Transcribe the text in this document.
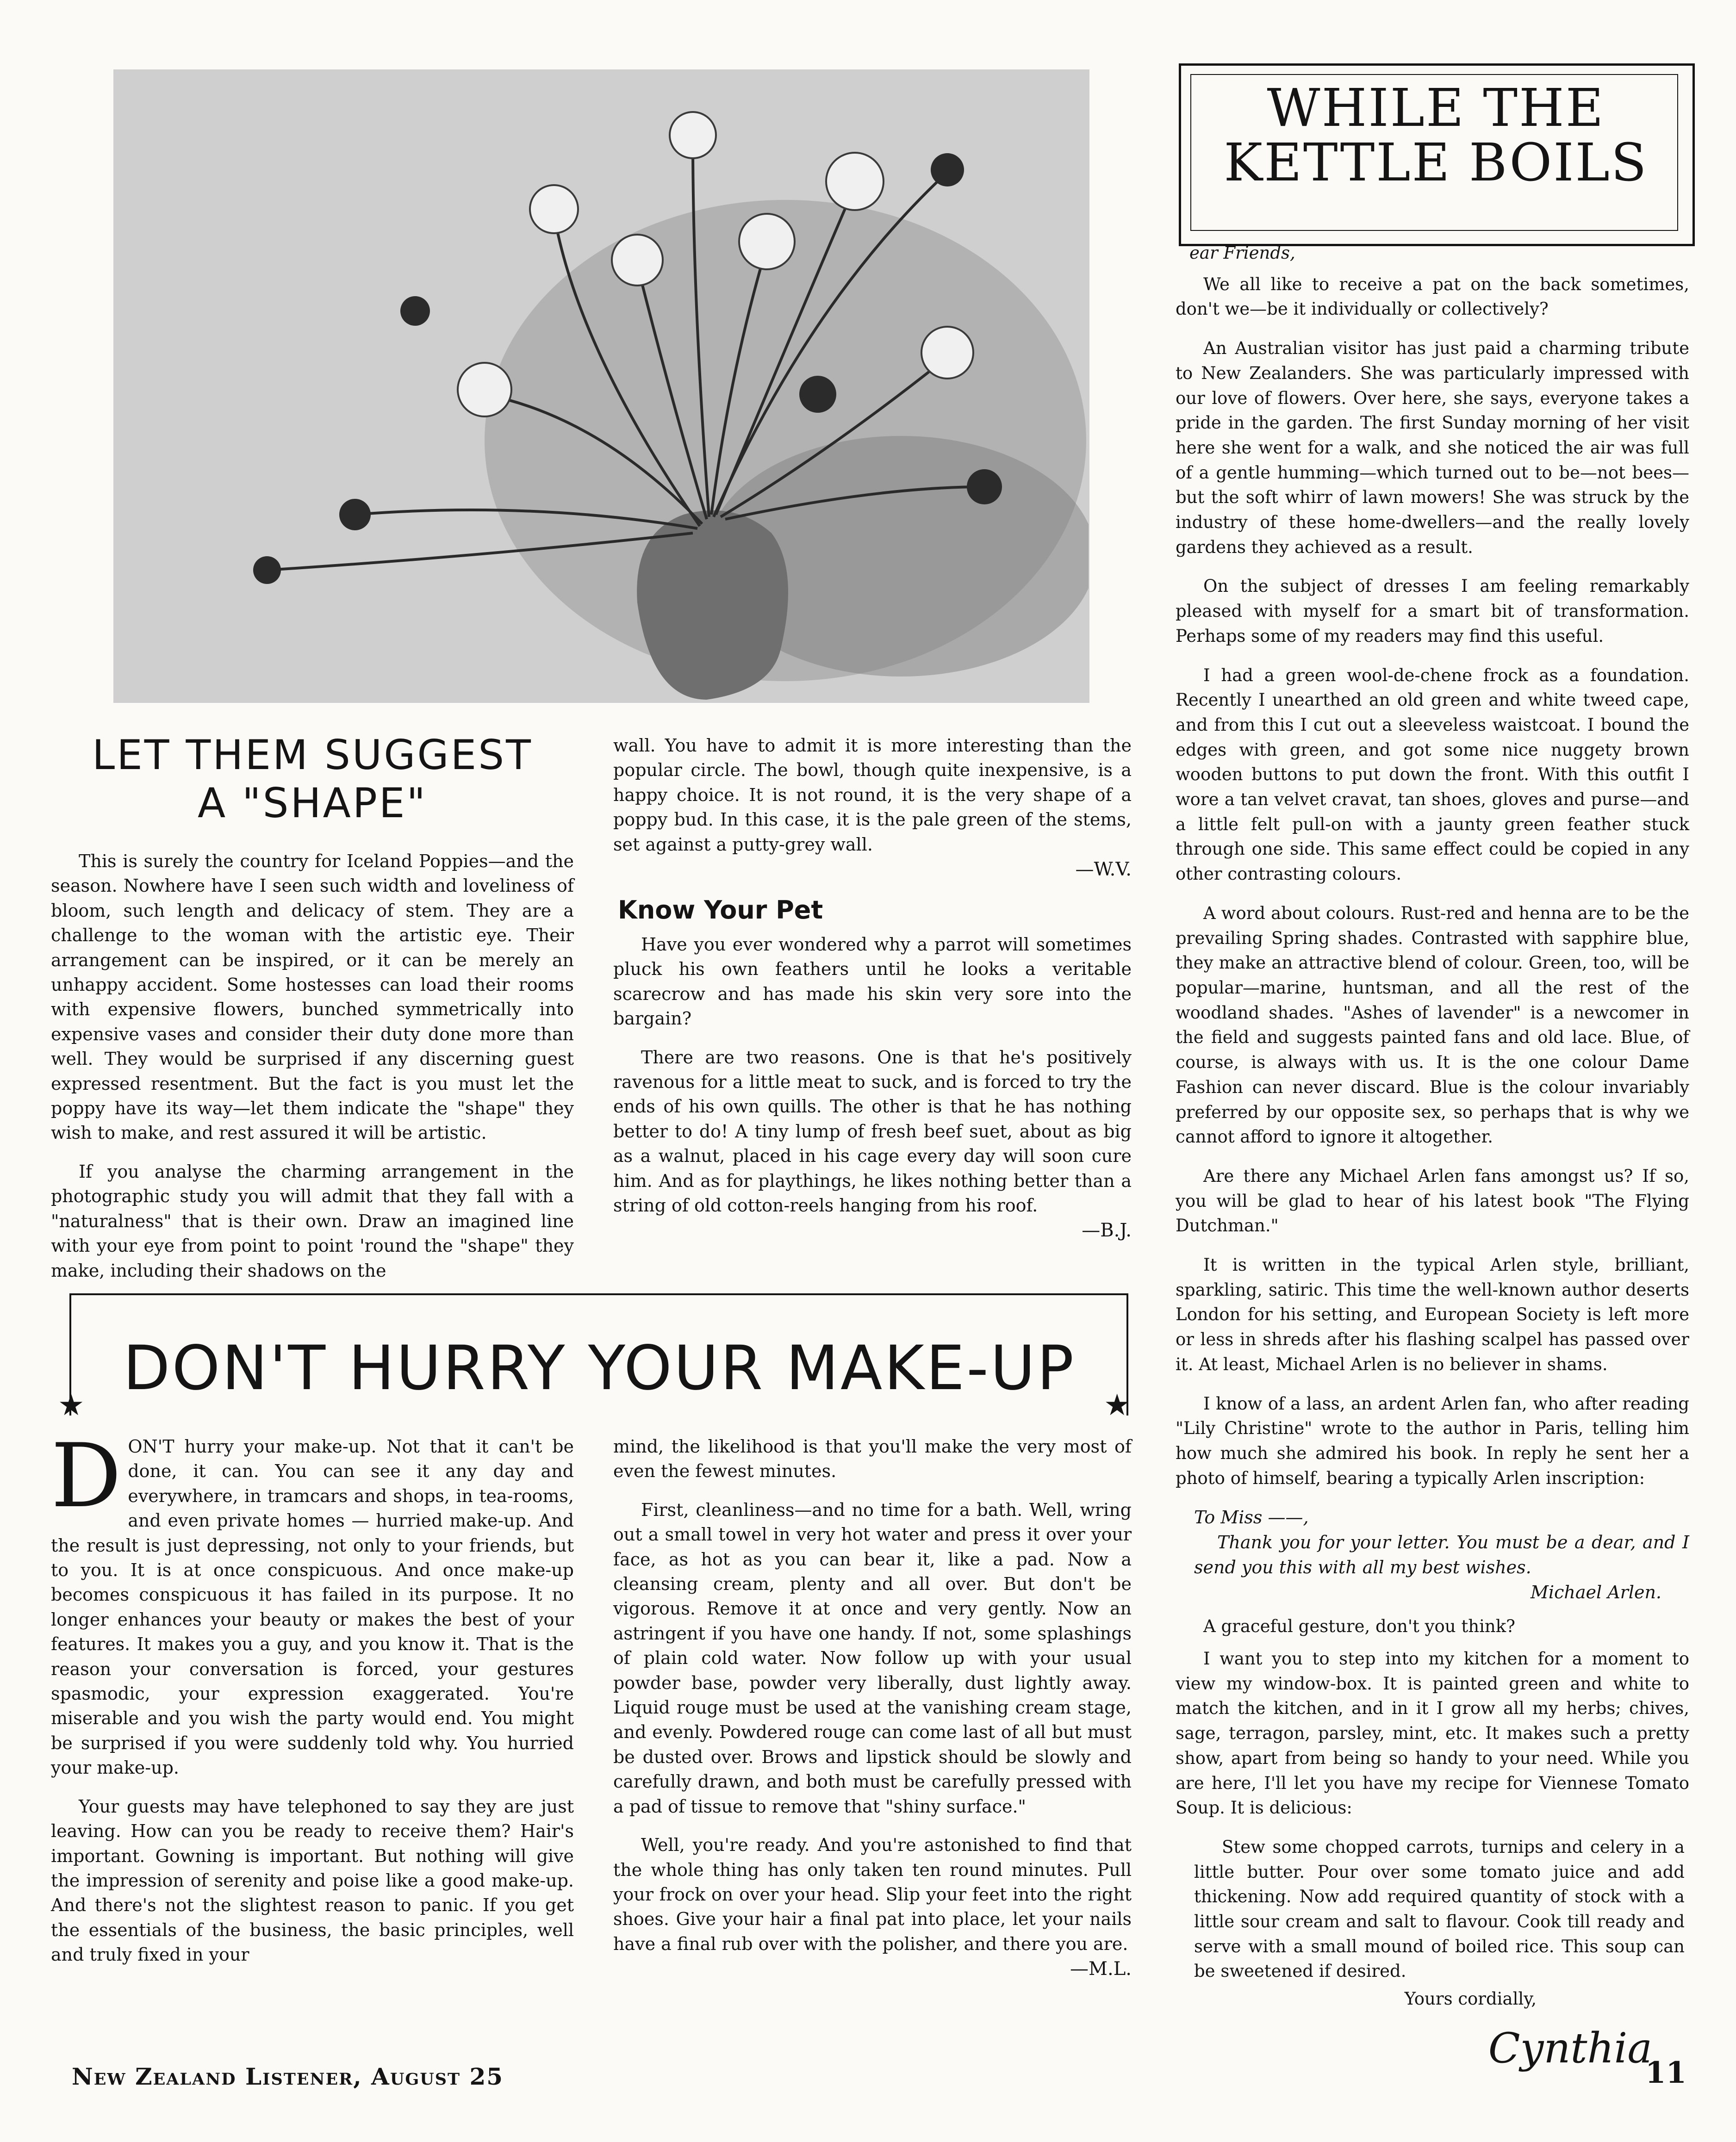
LET THEM SUGGEST
A "SHAPE"

This is surely the country for Iceland Poppies—and the season. Nowhere have I seen such width and loveliness of bloom, such length and delicacy of stem. They are a challenge to the woman with the artistic eye. Their arrangement can be inspired, or it can be merely an unhappy accident. Some hostesses can load their rooms with expensive flowers, bunched symmetrically into expensive vases and consider their duty done more than well. They would be surprised if any discerning guest expressed resentment. But the fact is you must let the poppy have its way—let them indicate the "shape" they wish to make, and rest assured it will be artistic.

If you analyse the charming arrangement in the photographic study you will admit that they fall with a "naturalness" that is their own. Draw an imagined line with your eye from point to point 'round the "shape" they make, including their shadows on the

wall. You have to admit it is more interesting than the popular circle. The bowl, though quite inexpensive, is a happy choice. It is not round, it is the very shape of a poppy bud. In this case, it is the pale green of the stems, set against a putty-grey wall.

—W.V.

Know Your Pet

Have you ever wondered why a parrot will sometimes pluck his own feathers until he looks a veritable scarecrow and has made his skin very sore into the bargain?

There are two reasons. One is that he's positively ravenous for a little meat to suck, and is forced to try the ends of his own quills. The other is that he has nothing better to do! A tiny lump of fresh beef suet, about as big as a walnut, placed in his cage every day will soon cure him. And as for playthings, he likes nothing better than a string of old cotton-reels hanging from his roof.

—B.J.

★	★
DON'T HURRY YOUR MAKE-UP

DON'T hurry your make-up. Not that it can't be done, it can. You can see it any day and everywhere, in tramcars and shops, in tea-rooms, and even private homes — hurried make-up. And the result is just depressing, not only to your friends, but to you. It is at once conspicuous. And once make-up becomes conspicuous it has failed in its purpose. It no longer enhances your beauty or makes the best of your features. It makes you a guy, and you know it. That is the reason your conversation is forced, your gestures spasmodic, your expression exaggerated. You're miserable and you wish the party would end. You might be surprised if you were suddenly told why. You hurried your make-up.

Your guests may have telephoned to say they are just leaving. How can you be ready to receive them? Hair's important. Gowning is important. But nothing will give the impression of serenity and poise like a good make-up. And there's not the slightest reason to panic. If you get the essentials of the business, the basic principles, well and truly fixed in your

mind, the likelihood is that you'll make the very most of even the fewest minutes.

First, cleanliness—and no time for a bath. Well, wring out a small towel in very hot water and press it over your face, as hot as you can bear it, like a pad. Now a cleansing cream, plenty and all over. But don't be vigorous. Remove it at once and very gently. Now an astringent if you have one handy. If not, some splashings of plain cold water. Now follow up with your usual powder base, powder very liberally, dust lightly away. Liquid rouge must be used at the vanishing cream stage, and evenly. Powdered rouge can come last of all but must be dusted over. Brows and lipstick should be slowly and carefully drawn, and both must be carefully pressed with a pad of tissue to remove that "shiny surface."

Well, you're ready. And you're astonished to find that the whole thing has only taken ten round minutes. Pull your frock on over your head. Slip your feet into the right shoes. Give your hair a final pat into place, let your nails have a final rub over with the polisher, and there you are.

—M.L.

WHILE THE
KETTLE BOILS

ear Friends,

We all like to receive a pat on the back sometimes, don't we—be it individually or collectively?

An Australian visitor has just paid a charming tribute to New Zealanders. She was particularly impressed with our love of flowers. Over here, she says, everyone takes a pride in the garden. The first Sunday morning of her visit here she went for a walk, and she noticed the air was full of a gentle humming—which turned out to be—not bees—but the soft whirr of lawn mowers! She was struck by the industry of these home-dwellers—and the really lovely gardens they achieved as a result.

On the subject of dresses I am feeling remarkably pleased with myself for a smart bit of transformation. Perhaps some of my readers may find this useful.

I had a green wool-de-chene frock as a foundation. Recently I unearthed an old green and white tweed cape, and from this I cut out a sleeveless waistcoat. I bound the edges with green, and got some nice nuggety brown wooden buttons to put down the front. With this outfit I wore a tan velvet cravat, tan shoes, gloves and purse—and a little felt pull-on with a jaunty green feather stuck through one side. This same effect could be copied in any other contrasting colours.

A word about colours. Rust-red and henna are to be the prevailing Spring shades. Contrasted with sapphire blue, they make an attractive blend of colour. Green, too, will be popular—marine, huntsman, and all the rest of the woodland shades. "Ashes of lavender" is a newcomer in the field and suggests painted fans and old lace. Blue, of course, is always with us. It is the one colour Dame Fashion can never discard. Blue is the colour invariably preferred by our opposite sex, so perhaps that is why we cannot afford to ignore it altogether.

Are there any Michael Arlen fans amongst us? If so, you will be glad to hear of his latest book "The Flying Dutchman."

It is written in the typical Arlen style, brilliant, sparkling, satiric. This time the well-known author deserts London for his setting, and European Society is left more or less in shreds after his flashing scalpel has passed over it. At least, Michael Arlen is no believer in shams.

I know of a lass, an ardent Arlen fan, who after reading "Lily Christine" wrote to the author in Paris, telling him how much she admired his book. In reply he sent her a photo of himself, bearing a typically Arlen inscription:

To Miss ——,
Thank you for your letter. You must be a dear, and I send you this with all my best wishes.
Michael Arlen.

A graceful gesture, don't you think?

I want you to step into my kitchen for a moment to view my window-box. It is painted green and white to match the kitchen, and in it I grow all my herbs; chives, sage, terragon, parsley, mint, etc. It makes such a pretty show, apart from being so handy to your need. While you are here, I'll let you have my recipe for Viennese Tomato Soup. It is delicious:

Stew some chopped carrots, turnips and celery in a little butter. Pour over some tomato juice and add thickening. Now add required quantity of stock with a little sour cream and salt to flavour. Cook till ready and serve with a small mound of boiled rice. This soup can be sweetened if desired.

Yours cordially,

Cynthia
New Zealand Listener, August 25	11
